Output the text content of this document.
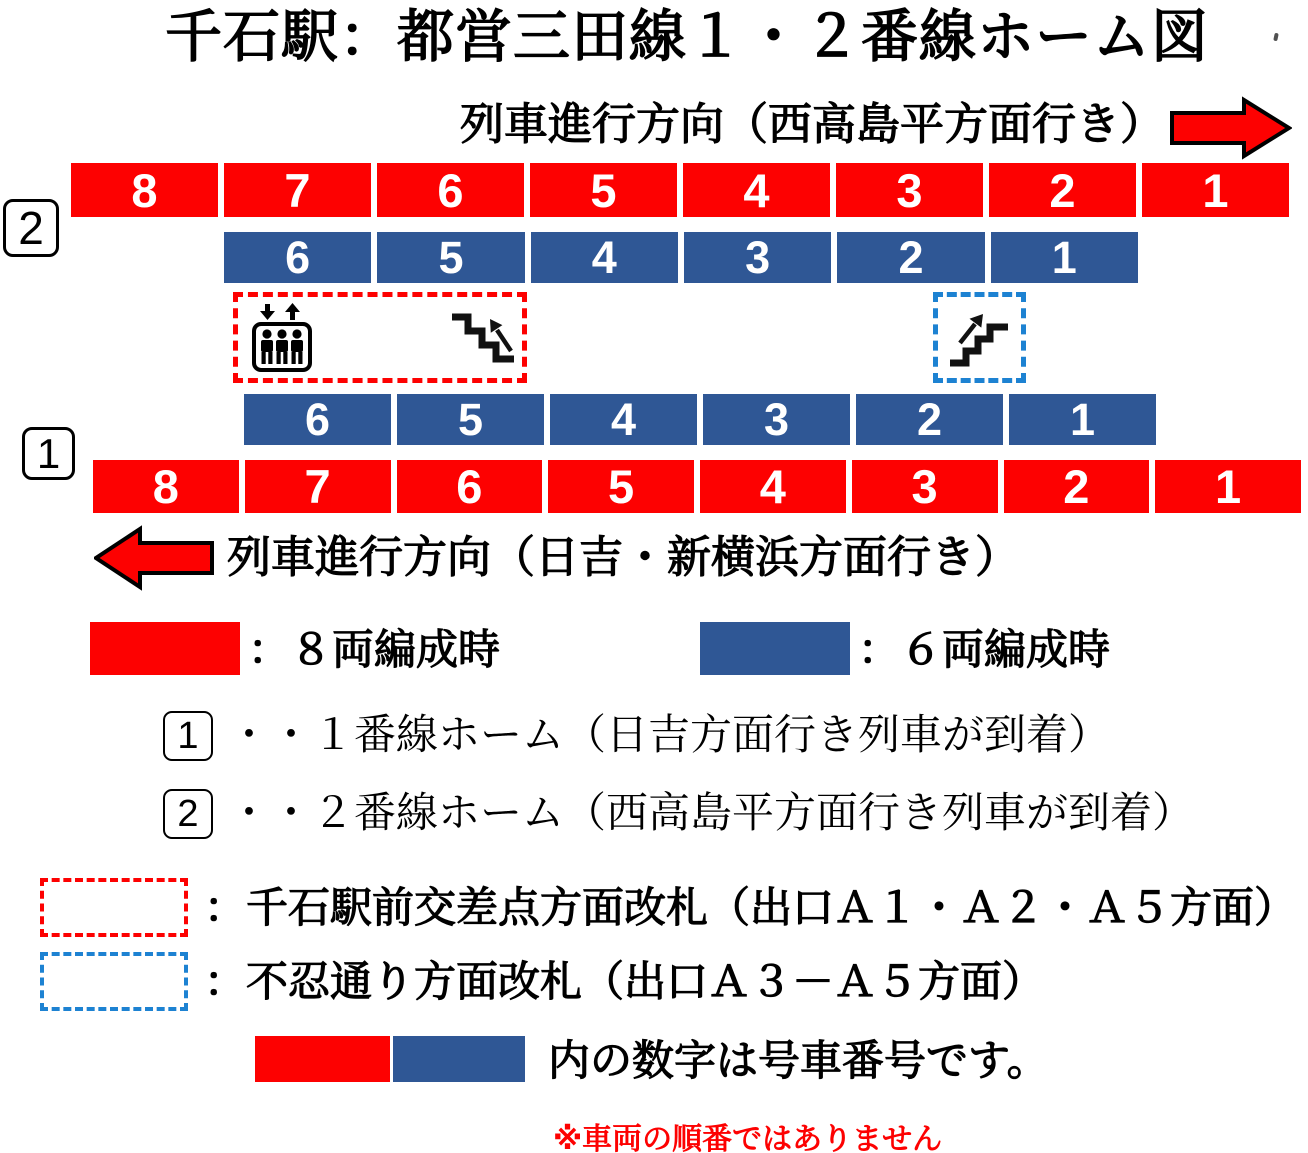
千石駅：都営三田線１・２番線ホーム図
列車進行方向（西高島平方面行き）
2
8	7	6	5	4	3	2	1
6	5	4	3	2	1
6	5	4	3	2	1
1
8	7	6	5	4	3	2	1
列車進行方向（日吉・新横浜方面行き）
：８両編成時	：６両編成時
1 ・・１番線ホーム（日吉方面行き列車が到着）
2 ・・２番線ホーム（西高島平方面行き列車が到着）
：千石駅前交差点方面改札（出口Ａ１・Ａ２・Ａ５方面）
：不忍通り方面改札（出口Ａ３－Ａ５方面）
内の数字は号車番号です。
※車両の順番ではありません
